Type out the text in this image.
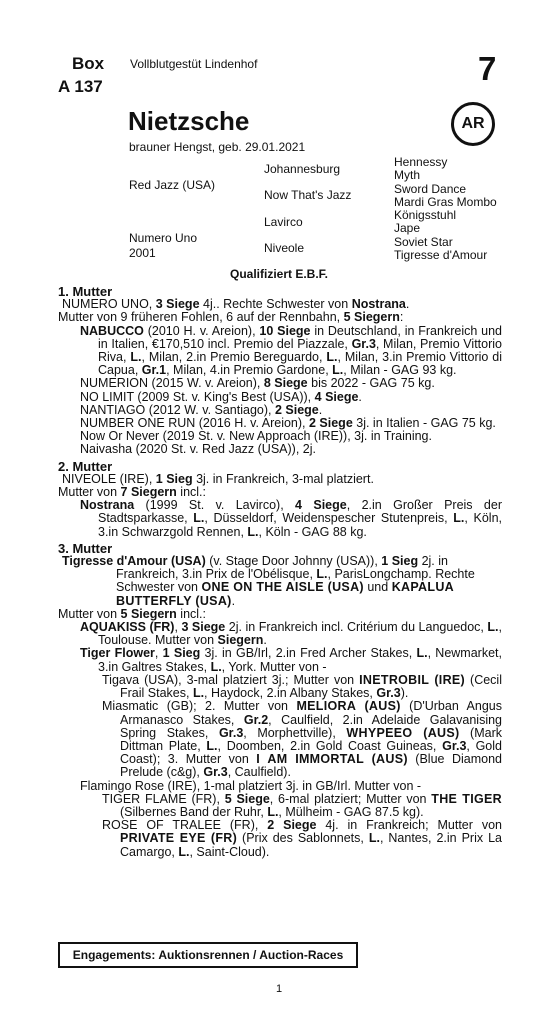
Box
A 137
Vollblutgestüt Lindenhof	7
Nietzsche	AR
brauner Hengst, geb. 29.01.2021
Red Jazz (USA)
Numero Uno
2001
Johannesburg
Now That's Jazz
Lavirco
Niveole
Hennessy
Myth
Sword Dance
Mardi Gras Mombo
Königsstuhl
Jape
Soviet Star
Tigresse d'Amour
Qualifiziert E.B.F.

1. Mutter

NUMERO UNO, 3 Siege 4j.. Rechte Schwester von Nostrana.

Mutter von 9 früheren Fohlen, 6 auf der Rennbahn, 5 Siegern:

NABUCCO (2010 H. v. Areion), 10 Siege in Deutschland, in Frankreich und in Italien, €170,510 incl. Premio del Piazzale, Gr.3, Milan, Premio Vittorio Riva, L., Milan, 2.in Premio Bereguardo, L., Milan, 3.in Premio Vittorio di Capua, Gr.1, Milan, 4.in Premio Gardone, L., Milan - GAG 93 kg.

NUMERION (2015 W. v. Areion), 8 Siege bis 2022 - GAG 75 kg.

NO LIMIT (2009 St. v. King's Best (USA)), 4 Siege.

NANTIAGO (2012 W. v. Santiago), 2 Siege.

NUMBER ONE RUN (2016 H. v. Areion), 2 Siege 3j. in Italien - GAG 75 kg.

Now Or Never (2019 St. v. New Approach (IRE)), 3j. in Training.

Naivasha (2020 St. v. Red Jazz (USA)), 2j.

2. Mutter

NIVEOLE (IRE), 1 Sieg 3j. in Frankreich, 3-mal platziert.

Mutter von 7 Siegern incl.:

Nostrana (1999 St. v. Lavirco), 4 Siege, 2.in Großer Preis der Stadtsparkasse, L., Düsseldorf, Weidenspescher Stutenpreis, L., Köln, 3.in Schwarzgold Rennen, L., Köln - GAG 88 kg.

3. Mutter

Tigresse d'Amour (USA) (v. Stage Door Johnny (USA)), 1 Sieg 2j. in Frankreich, 3.in Prix de l'Obélisque, L., ParisLongchamp. Rechte Schwester von ONE ON THE AISLE (USA) und KAPALUA BUTTERFLY (USA).

Mutter von 5 Siegern incl.:

AQUAKISS (FR), 3 Siege 2j. in Frankreich incl. Critérium du Languedoc, L., Toulouse. Mutter von Siegern.

Tiger Flower, 1 Sieg 3j. in GB/Irl, 2.in Fred Archer Stakes, L., Newmarket, 3.in Galtres Stakes, L., York. Mutter von -

Tigava (USA), 3-mal platziert 3j.; Mutter von INETROBIL (IRE) (Cecil Frail Stakes, L., Haydock, 2.in Albany Stakes, Gr.3).

Miasmatic (GB); 2. Mutter von MELIORA (AUS) (D'Urban Angus Armanasco Stakes, Gr.2, Caulfield, 2.in Adelaide Galavanising Spring Stakes, Gr.3, Morphettville), WHYPEEO (AUS) (Mark Dittman Plate, L., Doomben, 2.in Gold Coast Guineas, Gr.3, Gold Coast); 3. Mutter von I AM IMMORTAL (AUS) (Blue Diamond Prelude (c&g), Gr.3, Caulfield).

Flamingo Rose (IRE), 1-mal platziert 3j. in GB/Irl. Mutter von -

TIGER FLAME (FR), 5 Siege, 6-mal platziert; Mutter von THE TIGER (Silbernes Band der Ruhr, L., Mülheim - GAG 87.5 kg).

ROSE OF TRALEE (FR), 2 Siege 4j. in Frankreich; Mutter von PRIVATE EYE (FR) (Prix des Sablonnets, L., Nantes, 2.in Prix La Camargo, L., Saint-Cloud).

Engagements: Auktionsrennen / Auction-Races
1
